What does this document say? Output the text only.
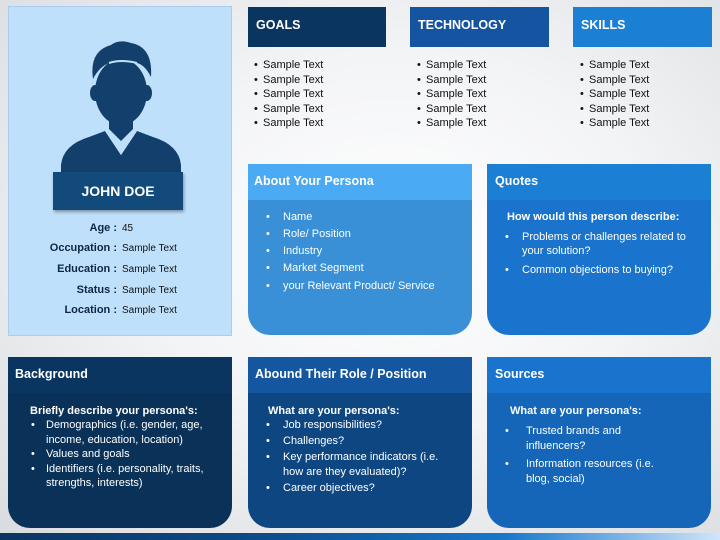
JOHN DOE
Age : 45
Occupation : Sample Text
Education : Sample Text
Status : Sample Text
Location : Sample Text
GOALS	TECHNOLOGY	SKILLS
• Sample Text
• Sample Text
• Sample Text
• Sample Text
• Sample Text
• Sample Text
• Sample Text
• Sample Text
• Sample Text
• Sample Text
• Sample Text
• Sample Text
• Sample Text
• Sample Text
• Sample Text
About Your Persona
• Name
• Role/ Position
• Industry
• Market Segment
• your Relevant Product/ Service
Quotes
How would this person describe:
• Problems or challenges related to your solution?
• Common objections to buying?
Background
Briefly describe your persona's:
• Demographics (i.e. gender, age, income, education, location)
• Values and goals
• Identifiers (i.e. personality, traits, strengths, interests)
Abound Their Role / Position
What are your persona's:
• Job responsibilities?
• Challenges?
• Key performance indicators (i.e. how are they evaluated)?
• Career objectives?
Sources
What are your persona's:
• Trusted brands and influencers?
• Information resources (i.e. blog, social)
